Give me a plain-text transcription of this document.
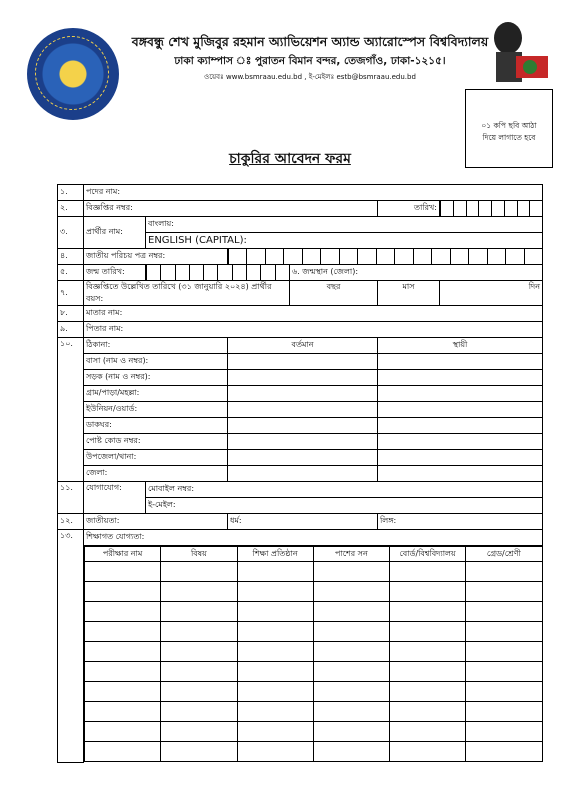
বঙ্গবন্ধু শেখ মুজিবুর রহমান অ্যাভিয়েশন অ্যান্ড অ্যারোস্পেস বিশ্ববিদ্যালয়
ঢাকা ক্যাম্পাস ঃ পুরাতন বিমান বন্দর, তেজগাঁও, ঢাকা-১২১৫।
ওয়েবঃ www.bsmraau.edu.bd , ই-মেইলঃ estb@bsmraau.edu.bd
০১ কপি ছবি আঠা
দিয়ে লাগাতে হবে
চাকুরির আবেদন ফরম
১.	পদের নাম:
২.	বিজ্ঞপ্তির নম্বর:	তারিখ:	

৩.	প্রার্থীর নাম:	বাংলায়:
ENGLISH (CAPITAL):
৪.	জাতীয় পরিচয় পত্র নম্বর:	

৫.	জন্ম তারিখ:		৬. জন্মস্থান (জেলা):
৭.	বিজ্ঞপ্তিতে উল্লেখিত তারিখে (৩১ জানুয়ারি ২০২৪) প্রার্থীর বয়স:	বছর	মাস	দিন
৮.	মাতার নাম:
৯.	পিতার নাম:
১০.	ঠিকানা:	বর্তমান	স্থায়ী
বাসা (নাম ও নম্বর):		
সড়ক (নাম ও নম্বর):		
গ্রাম/পাড়া/মহল্লা:		
ইউনিয়ন/ওয়ার্ড:		
ডাকঘর:		
পোষ্ট কোড নম্বর:		
উপজেলা/থানা:		
জেলা:		
১১.	যোগাযোগ:	মোবাইল নম্বর:
ই-মেইল:
১২.	জাতীয়তা:	ধর্ম:	লিঙ্গ:
১৩.	শিক্ষাগত যোগ্যতা:

পরীক্ষার নাম	বিষয়	শিক্ষা প্রতিষ্ঠান	পাশের সন	বোর্ড/বিশ্ববিদ্যালয়	গ্রেড/শ্রেণী
